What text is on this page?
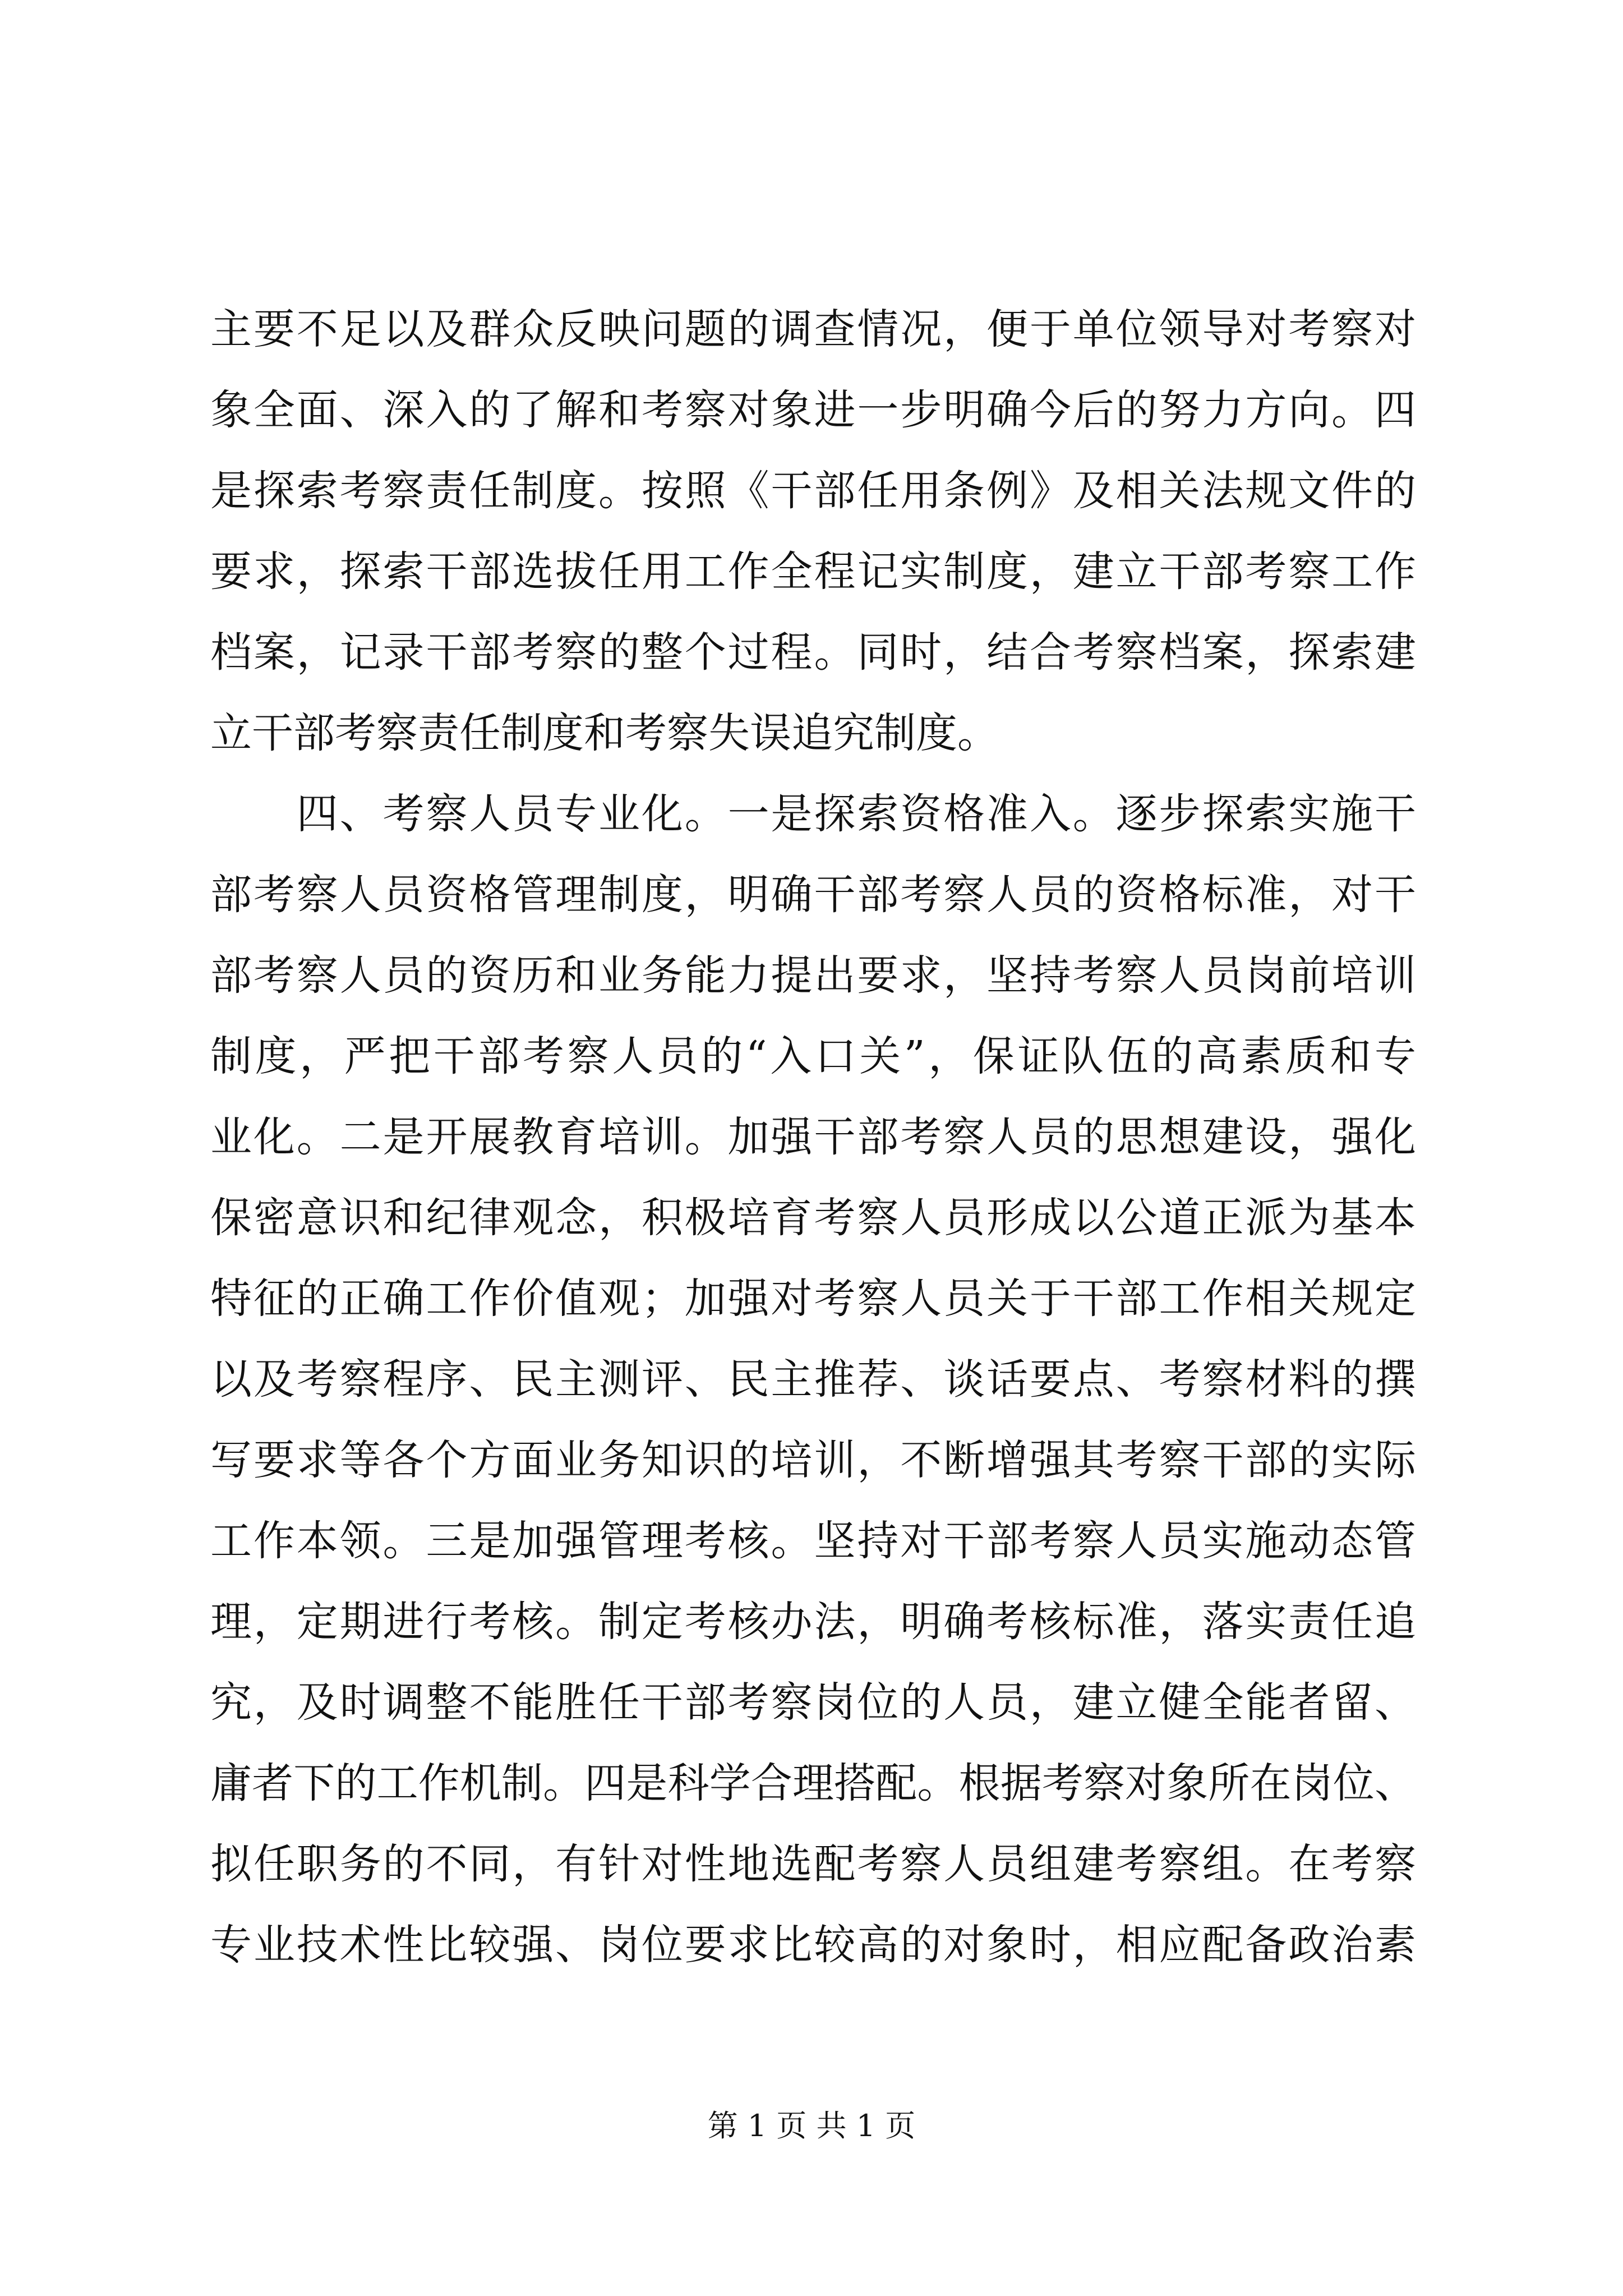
主要不足以及群众反映问题的调查情况，便于单位领导对考察对
象全面、深入的了解和考察对象进一步明确今后的努力方向。四
是探索考察责任制度。按照《干部任用条例》及相关法规文件的
要求，探索干部选拔任用工作全程记实制度，建立干部考察工作
档案，记录干部考察的整个过程。同时，结合考察档案，探索建
立干部考察责任制度和考察失误追究制度。
　　四、考察人员专业化。一是探索资格准入。逐步探索实施干
部考察人员资格管理制度，明确干部考察人员的资格标准，对干
部考察人员的资历和业务能力提出要求，坚持考察人员岗前培训
制度，严把干部考察人员的“入口关”，保证队伍的高素质和专
业化。二是开展教育培训。加强干部考察人员的思想建设，强化
保密意识和纪律观念，积极培育考察人员形成以公道正派为基本
特征的正确工作价值观；加强对考察人员关于干部工作相关规定
以及考察程序、民主测评、民主推荐、谈话要点、考察材料的撰
写要求等各个方面业务知识的培训，不断增强其考察干部的实际
工作本领。三是加强管理考核。坚持对干部考察人员实施动态管
理，定期进行考核。制定考核办法，明确考核标准，落实责任追
究，及时调整不能胜任干部考察岗位的人员，建立健全能者留、
庸者下的工作机制。四是科学合理搭配。根据考察对象所在岗位、
拟任职务的不同，有针对性地选配考察人员组建考察组。在考察
专业技术性比较强、岗位要求比较高的对象时，相应配备政治素
第 1 页 共 1 页
